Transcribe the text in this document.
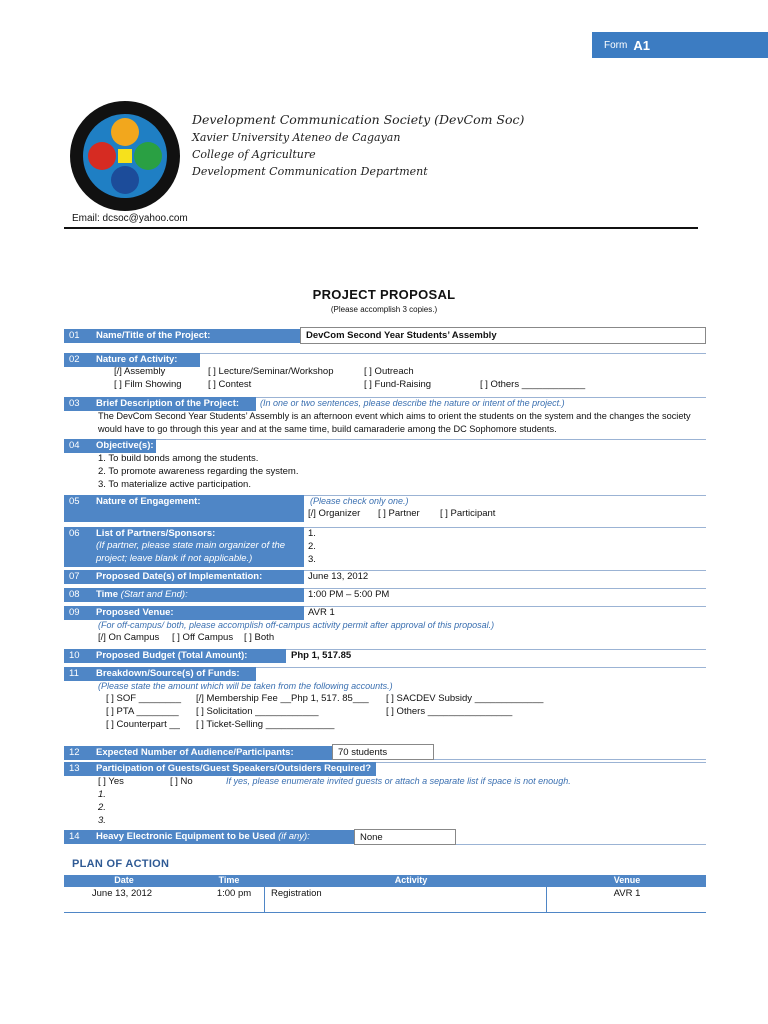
Form A1
Development Communication Society (DevCom Soc)
Xavier University Ateneo de Cagayan
College of Agriculture
Development Communication Department
Email: dcsoc@yahoo.com
PROJECT PROPOSAL
(Please accomplish 3 copies.)
01 Name/Title of the Project:	DevCom Second Year Students’ Assembly
02 Nature of Activity:
[/] Assembly	[ ] Lecture/Seminar/Workshop	[ ] Outreach
[ ] Film Showing	[ ] Contest	[ ] Fund-Raising	[ ] Others ____________
03 Brief Description of the Project: (In one or two sentences, please describe the nature or intent of the project.)
The DevCom Second Year Students’ Assembly is an afternoon event which aims to orient the students on the system and the changes the society
would have to go through this year and at the same time, build camaraderie among the DC Sophomore students.
04 Objective(s):
1. To build bonds among the students.
2. To promote awareness regarding the system.
3. To materialize active participation.
05 Nature of Engagement:	(Please check only one.)
[/] Organizer [ ] Partner [ ] Participant
06 List of Partners/Sponsors:
(If partner, please state main organizer of the
project; leave blank if not applicable.)
1.
2.
3.
07 Proposed Date(s) of Implementation:	June 13, 2012
08 Time (Start and End):	1:00 PM – 5:00 PM
09 Proposed Venue:	AVR 1
(For off-campus/ both, please accomplish off-campus activity permit after approval of this proposal.)
[/] On Campus [ ] Off Campus [ ] Both
10 Proposed Budget (Total Amount):	Php 1, 517.85
11 Breakdown/Source(s) of Funds:
(Please state the amount which will be taken from the following accounts.)
[ ] SOF ________ [/] Membership Fee __Php 1, 517. 85___ [ ] SACDEV Subsidy _____________
[ ] PTA ________ [ ] Solicitation ____________	[ ] Others ________________
[ ] Counterpart __ [ ] Ticket-Selling _____________
12 Expected Number of Audience/Participants:	70 students
13 Participation of Guests/Guest Speakers/Outsiders Required?
[ ] Yes	[ ] No	If yes, please enumerate invited guests or attach a separate list if space is not enough.
1.
2.
3.
14 Heavy Electronic Equipment to be Used (if any):	None
PLAN OF ACTION
Date	Time	Activity	Venue
June 13, 2012	1:00 pm	Registration	AVR 1
